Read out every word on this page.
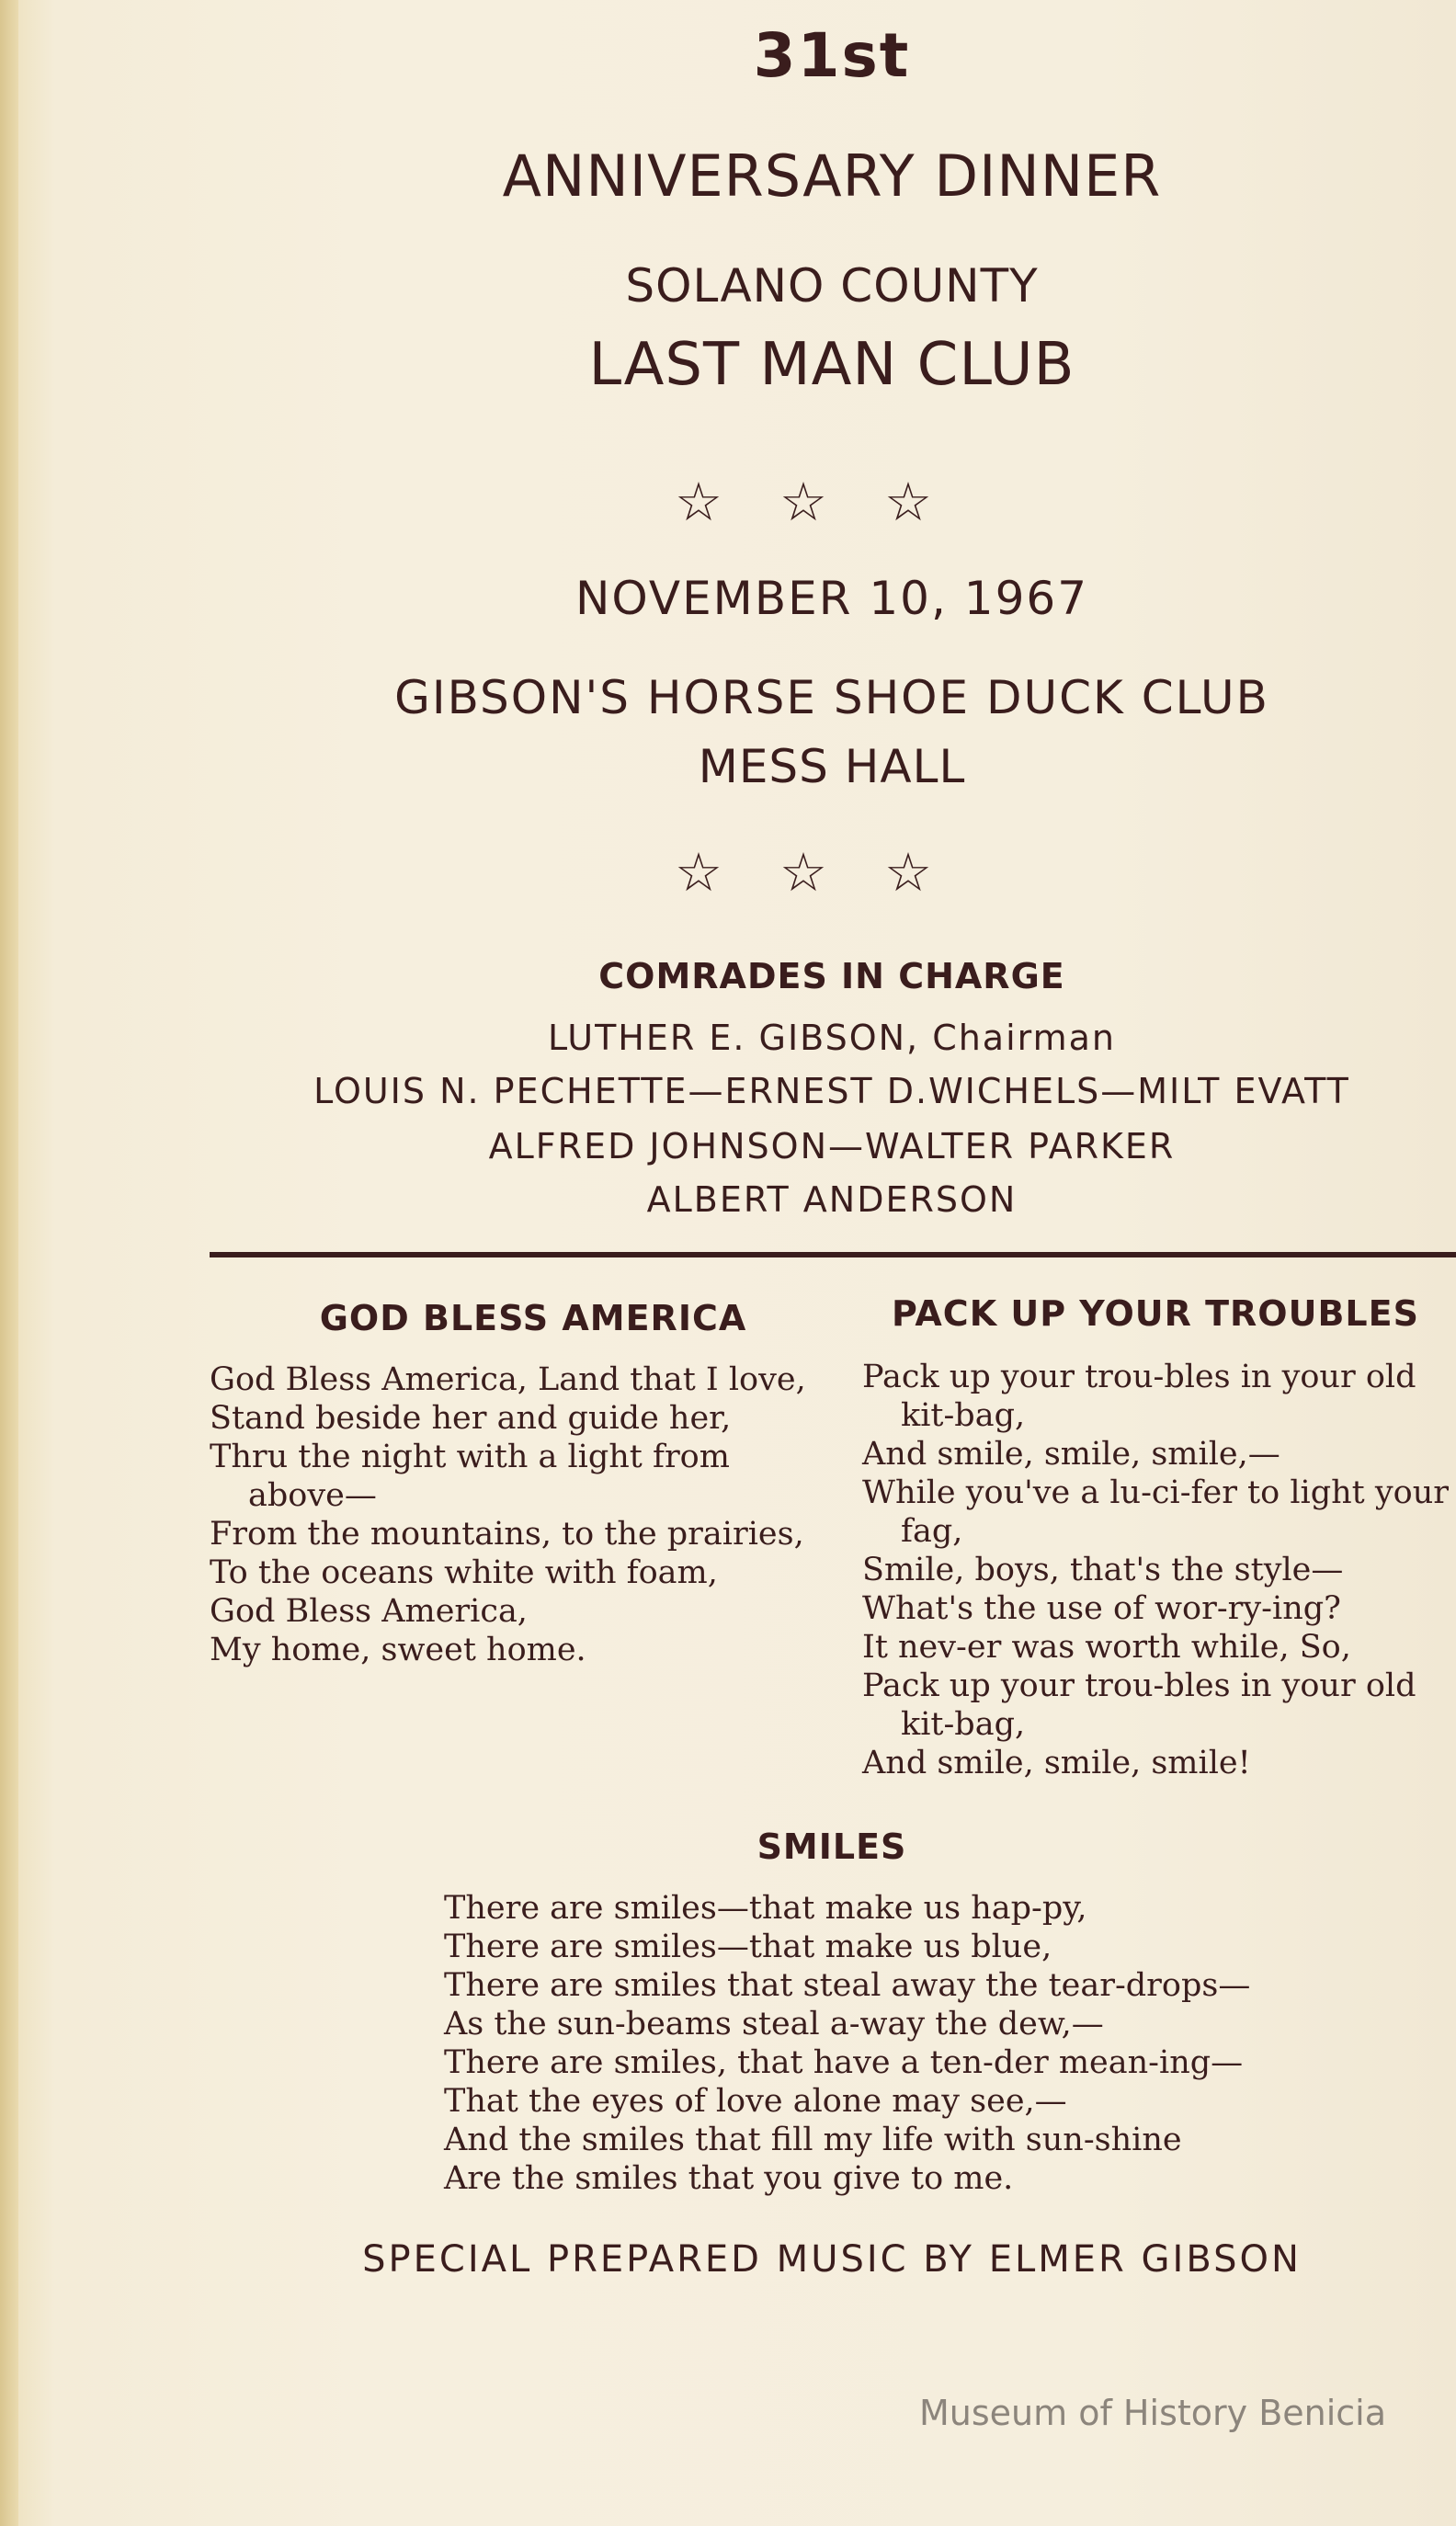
31st
ANNIVERSARY DINNER
SOLANO COUNTY
LAST MAN CLUB
☆☆☆
NOVEMBER 10, 1967
GIBSON'S HORSE SHOE DUCK CLUB
MESS HALL
☆☆☆
COMRADES IN CHARGE
LUTHER E. GIBSON, Chairman
LOUIS N. PECHETTE—ERNEST D.WICHELS—MILT EVATT
ALFRED JOHNSON—WALTER PARKER
ALBERT ANDERSON
GOD BLESS AMERICA
God Bless America, Land that I love,
Stand beside her and guide her,
Thru the night with a light from
above—
From the mountains, to the prairies,
To the oceans white with foam,
God Bless America,
My home, sweet home.
PACK UP YOUR TROUBLES
Pack up your trou-bles in your old
kit-bag,
And smile, smile, smile,—
While you've a lu-ci-fer to light your
fag,
Smile, boys, that's the style—
What's the use of wor-ry-ing?
It nev-er was worth while, So,
Pack up your trou-bles in your old
kit-bag,
And smile, smile, smile!
SMILES
There are smiles—that make us hap-py,
There are smiles—that make us blue,
There are smiles that steal away the tear-drops—
As the sun-beams steal a-way the dew,—
There are smiles, that have a ten-der mean-ing—
That the eyes of love alone may see,—
And the smiles that fill my life with sun-shine
Are the smiles that you give to me.
SPECIAL PREPARED MUSIC BY ELMER GIBSON
Museum of History Benicia
